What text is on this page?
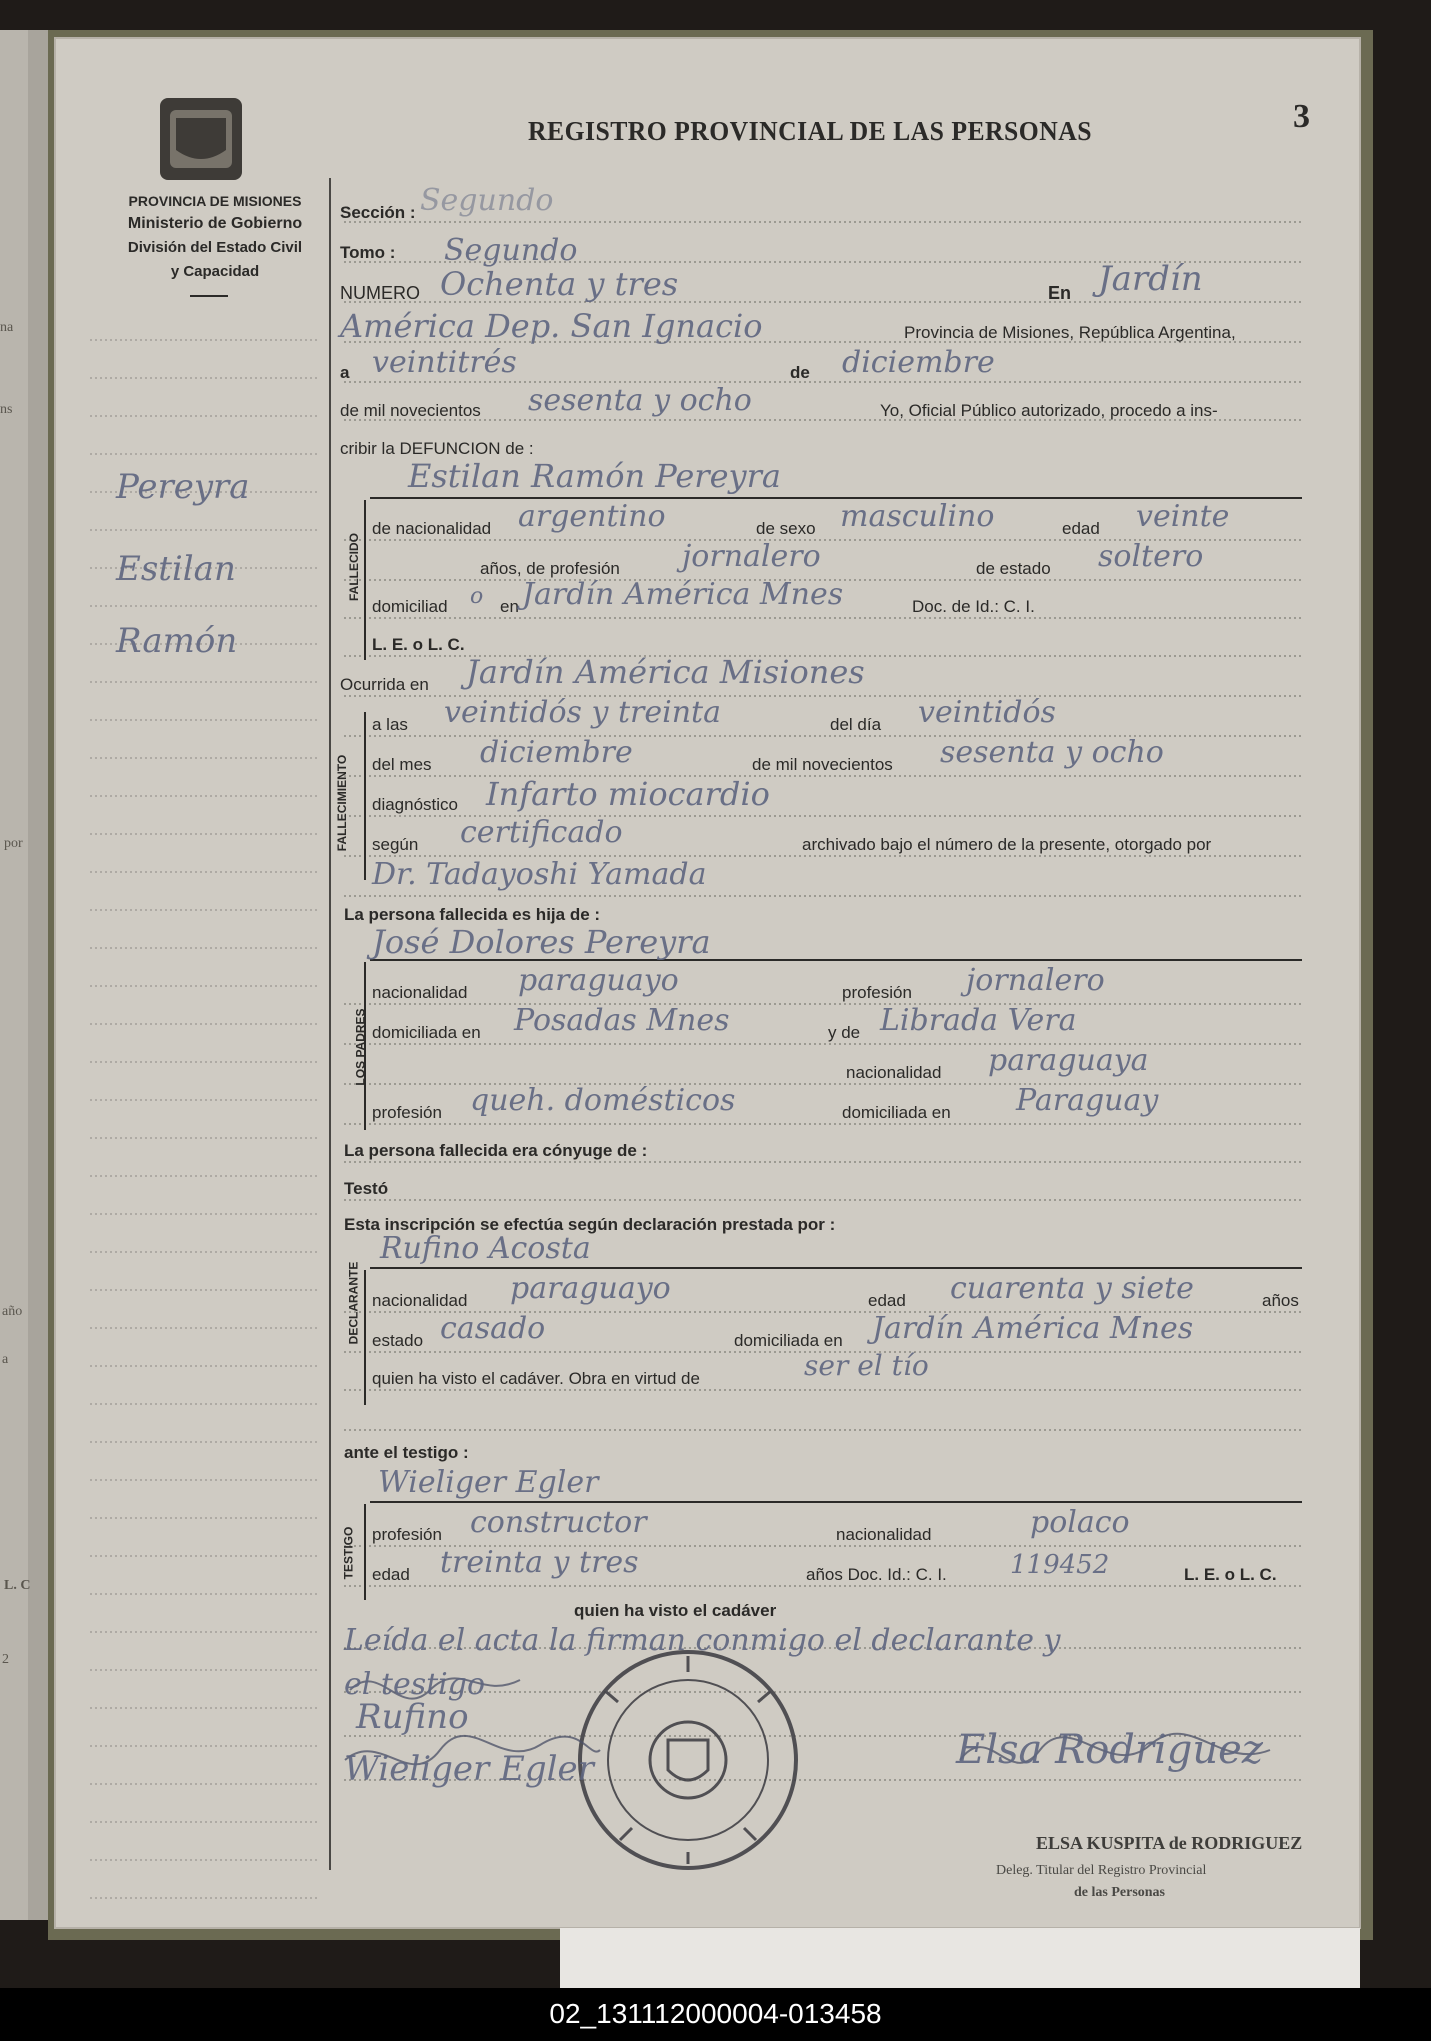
PROVINCIA DE MISIONES
Ministerio de Gobierno
División del Estado Civil
y Capacidad
REGISTRO PROVINCIAL DE LAS PERSONAS	3
na
ns
por
año
a
L. C
2
Pereyra
Estilan
Ramón
Sección : Segundo
Tomo : Segundo
NUMERO Ochenta y tres	En Jardín
América Dep. San Ignacio	Provincia de Misiones, República Argentina,
a veintitrés	de diciembre
de mil novecientos sesenta y ocho	Yo, Oficial Público autorizado, procedo a ins-
cribir la DEFUNCION de :
Estilan Ramón Pereyra
FALLECIDO
de nacionalidad argentino	de sexo masculino	edad veinte
años, de profesión jornalero	de estado soltero
domiciliad o en Jardín América Mnes	Doc. de Id.: C. I.
L. E. o L. C.
Ocurrida en Jardín América Misiones
FALLECIMIENTO
a las veintidós y treinta	del día veintidós
del mes diciembre	de mil novecientos sesenta y ocho
diagnóstico Infarto miocardio
según certificado	archivado bajo el número de la presente, otorgado por
Dr. Tadayoshi Yamada
La persona fallecida es hija de :
José Dolores Pereyra
LOS PADRES
nacionalidad paraguayo	profesión jornalero
domiciliada en Posadas Mnes	y de Librada Vera
nacionalidad paraguaya
profesión queh. domésticos	domiciliada en Paraguay
La persona fallecida era cónyuge de :
Testó
Esta inscripción se efectúa según declaración prestada por :
Rufino Acosta
DECLARANTE nacionalidad paraguayo	edad cuarenta y siete	años
estado casado	domiciliada en Jardín América Mnes
quien ha visto el cadáver. Obra en virtud de	ser el tío
ante el testigo :
Wieliger Egler
TESTIGO profesión constructor	nacionalidad	polaco
edad treinta y tres	años Doc. Id.: C. I. 119452	L. E. o L. C.
quien ha visto el cadáver
Leída el acta la firman conmigo el declarante y
el testigo
Rufino
Wieliger Egler	Elsa Rodriguez
ELSA KUSPITA de RODRIGUEZ
Deleg. Titular del Registro Provincial
de las Personas
02_131112000004-013458
